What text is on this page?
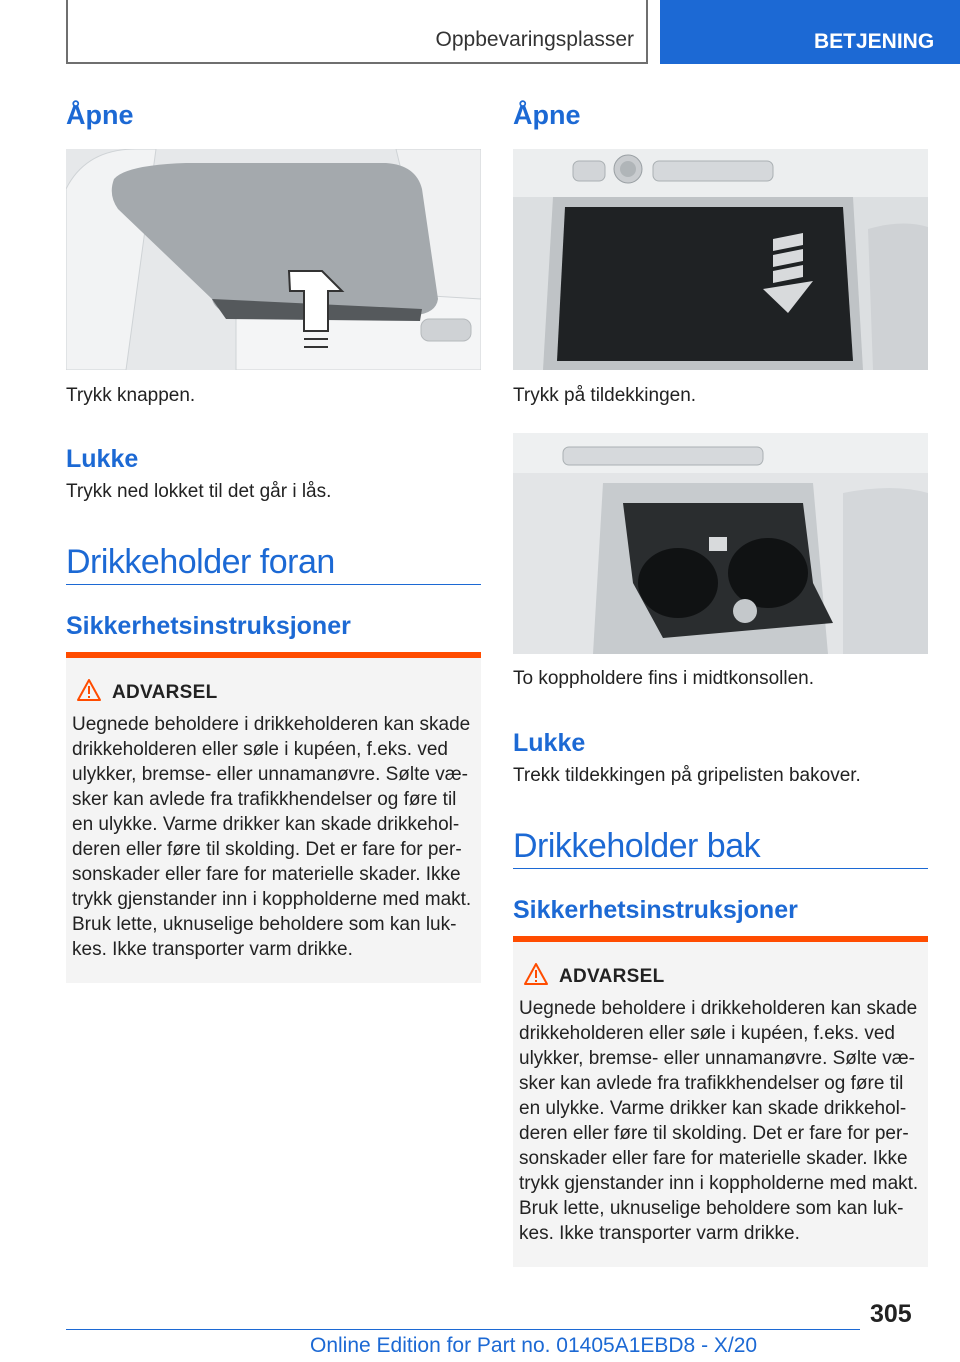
Oppbevaringsplasser	BETJENING
Åpne

Trykk knappen.

Lukke

Trykk ned lokket til det går i lås.

Drikkeholder foran
Sikkerhetsinstruksjoner
ADVARSEL
Uegnede beholdere i drikkeholderen kan skade drikkeholderen eller søle i kupéen, f.eks. ved ulykker, bremse- eller unnamanøvre. Sølte væ-sker kan avlede fra trafikkhendelser og føre til en ulykke. Varme drikker kan skade drikkehol-deren eller føre til skolding. Det er fare for per-sonskader eller fare for materielle skader. Ikke trykk gjenstander inn i koppholderne med makt. Bruk lette, uknuselige beholdere som kan luk-kes. Ikke transporter varm drikke.
Åpne

Trykk på tildekkingen.

To koppholdere fins i midtkonsollen.

Lukke

Trekk tildekkingen på gripelisten bakover.

Drikkeholder bak
Sikkerhetsinstruksjoner
ADVARSEL
Uegnede beholdere i drikkeholderen kan skade drikkeholderen eller søle i kupéen, f.eks. ved ulykker, bremse- eller unnamanøvre. Sølte væ-sker kan avlede fra trafikkhendelser og føre til en ulykke. Varme drikker kan skade drikkehol-deren eller føre til skolding. Det er fare for per-sonskader eller fare for materielle skader. Ikke trykk gjenstander inn i koppholderne med makt. Bruk lette, uknuselige beholdere som kan luk-kes. Ikke transporter varm drikke.
305
Online Edition for Part no. 01405A1EBD8 - X/20
